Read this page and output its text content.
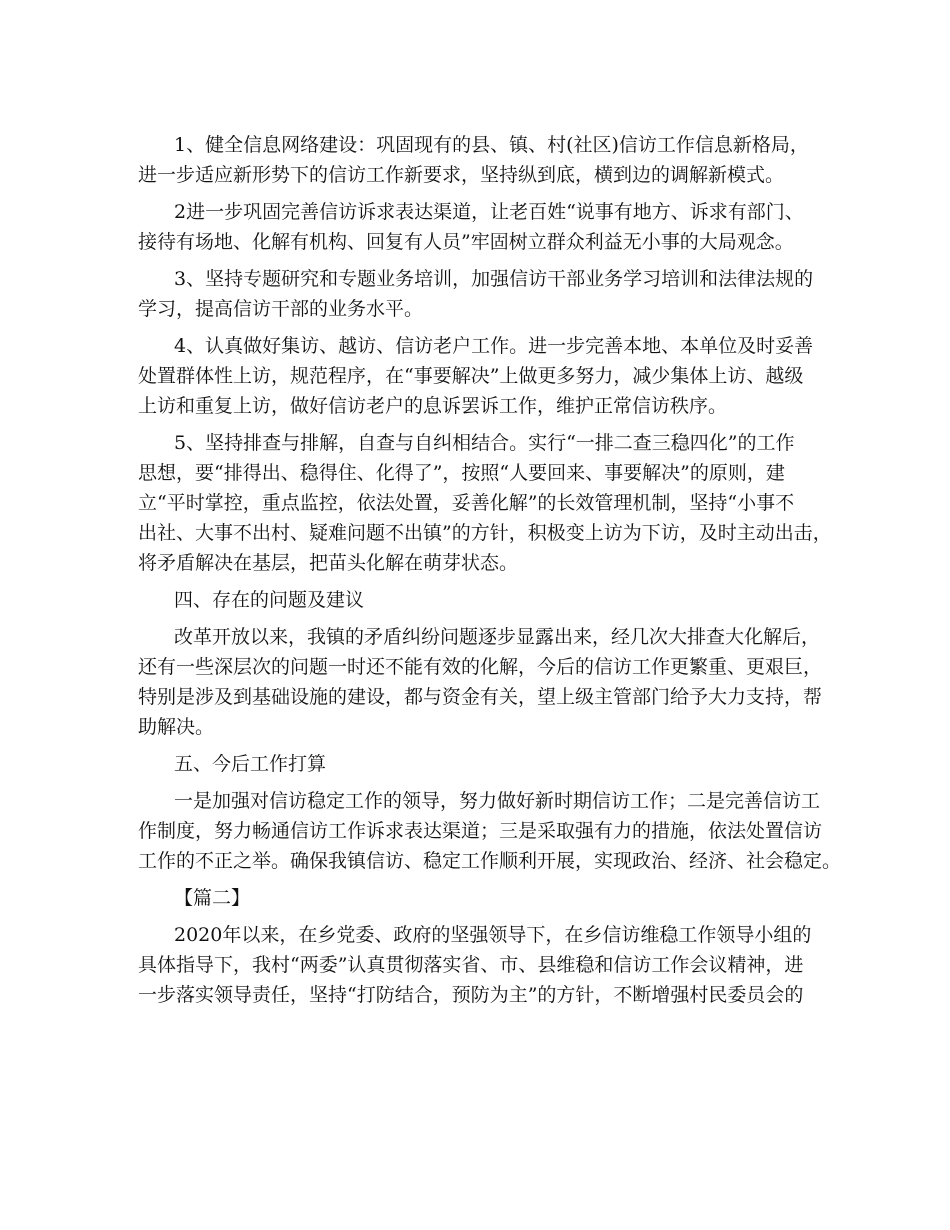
1、健全信息网络建设：巩固现有的县、镇、村(社区)信访工作信息新格局，
进一步适应新形势下的信访工作新要求，坚持纵到底，横到边的调解新模式。
2进一步巩固完善信访诉求表达渠道，让老百姓“说事有地方、诉求有部门、
接待有场地、化解有机构、回复有人员”牢固树立群众利益无小事的大局观念。
3、坚持专题研究和专题业务培训，加强信访干部业务学习培训和法律法规的
学习，提高信访干部的业务水平。
4、认真做好集访、越访、信访老户工作。进一步完善本地、本单位及时妥善
处置群体性上访，规范程序，在“事要解决”上做更多努力，减少集体上访、越级
上访和重复上访，做好信访老户的息诉罢诉工作，维护正常信访秩序。
5、坚持排查与排解，自查与自纠相结合。实行“一排二查三稳四化”的工作
思想，要“排得出、稳得住、化得了”，按照“人要回来、事要解决”的原则，建
立“平时掌控，重点监控，依法处置，妥善化解”的长效管理机制，坚持“小事不
出社、大事不出村、疑难问题不出镇”的方针，积极变上访为下访，及时主动出击，
将矛盾解决在基层，把苗头化解在萌芽状态。
四、存在的问题及建议
改革开放以来，我镇的矛盾纠纷问题逐步显露出来，经几次大排查大化解后，
还有一些深层次的问题一时还不能有效的化解，今后的信访工作更繁重、更艰巨，
特别是涉及到基础设施的建设，都与资金有关，望上级主管部门给予大力支持，帮
助解决。
五、今后工作打算
一是加强对信访稳定工作的领导，努力做好新时期信访工作；二是完善信访工
作制度，努力畅通信访工作诉求表达渠道；三是采取强有力的措施，依法处置信访
工作的不正之举。确保我镇信访、稳定工作顺利开展，实现政治、经济、社会稳定。
【篇二】
2020年以来，在乡党委、政府的坚强领导下，在乡信访维稳工作领导小组的
具体指导下，我村“两委”认真贯彻落实省、市、县维稳和信访工作会议精神，进
一步落实领导责任，坚持“打防结合，预防为主”的方针，不断增强村民委员会的
